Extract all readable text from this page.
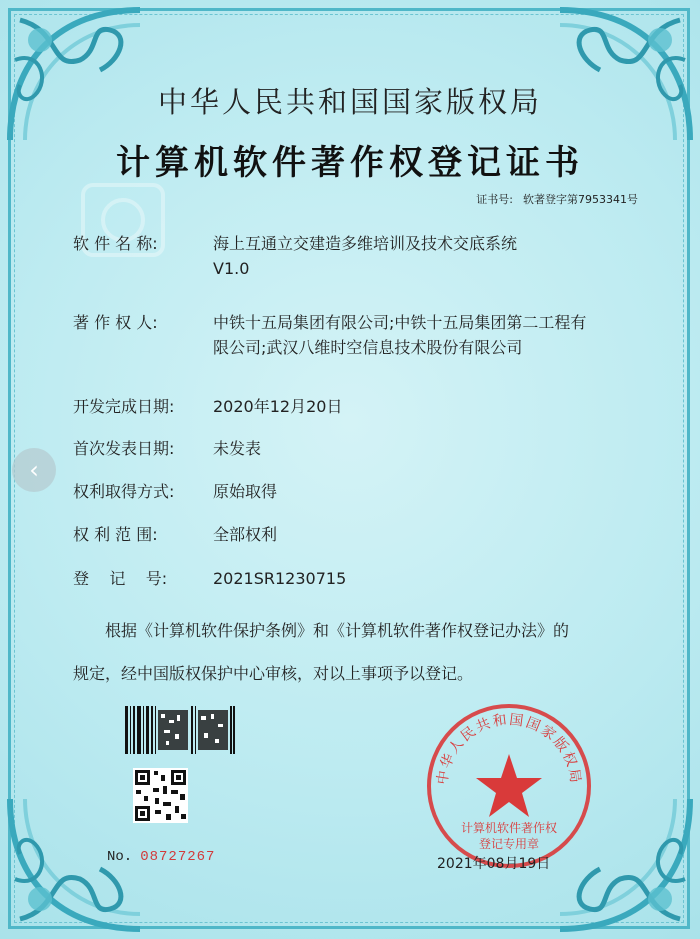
中华人民共和国国家版权局
计算机软件著作权登记证书
证书号: 软著登字第7953341号
软 件 名 称:	海上互通立交建造多维培训及技术交底系统
V1.0
著 作 权 人:	中铁十五局集团有限公司;中铁十五局集团第二工程有
限公司;武汉八维时空信息技术股份有限公司
开发完成日期:	2020年12月20日
首次发表日期:	未发表
权利取得方式:	原始取得
权 利 范 围:	全部权利
登    记    号:	2021SR1230715
根据《计算机软件保护条例》和《计算机软件著作权登记办法》的
规定，经中国版权保护中心审核，对以上事项予以登记。
No. 08727267
中华人民共和国国家版权局
计算机软件著作权
登记专用章
2021年08月19日
‹
